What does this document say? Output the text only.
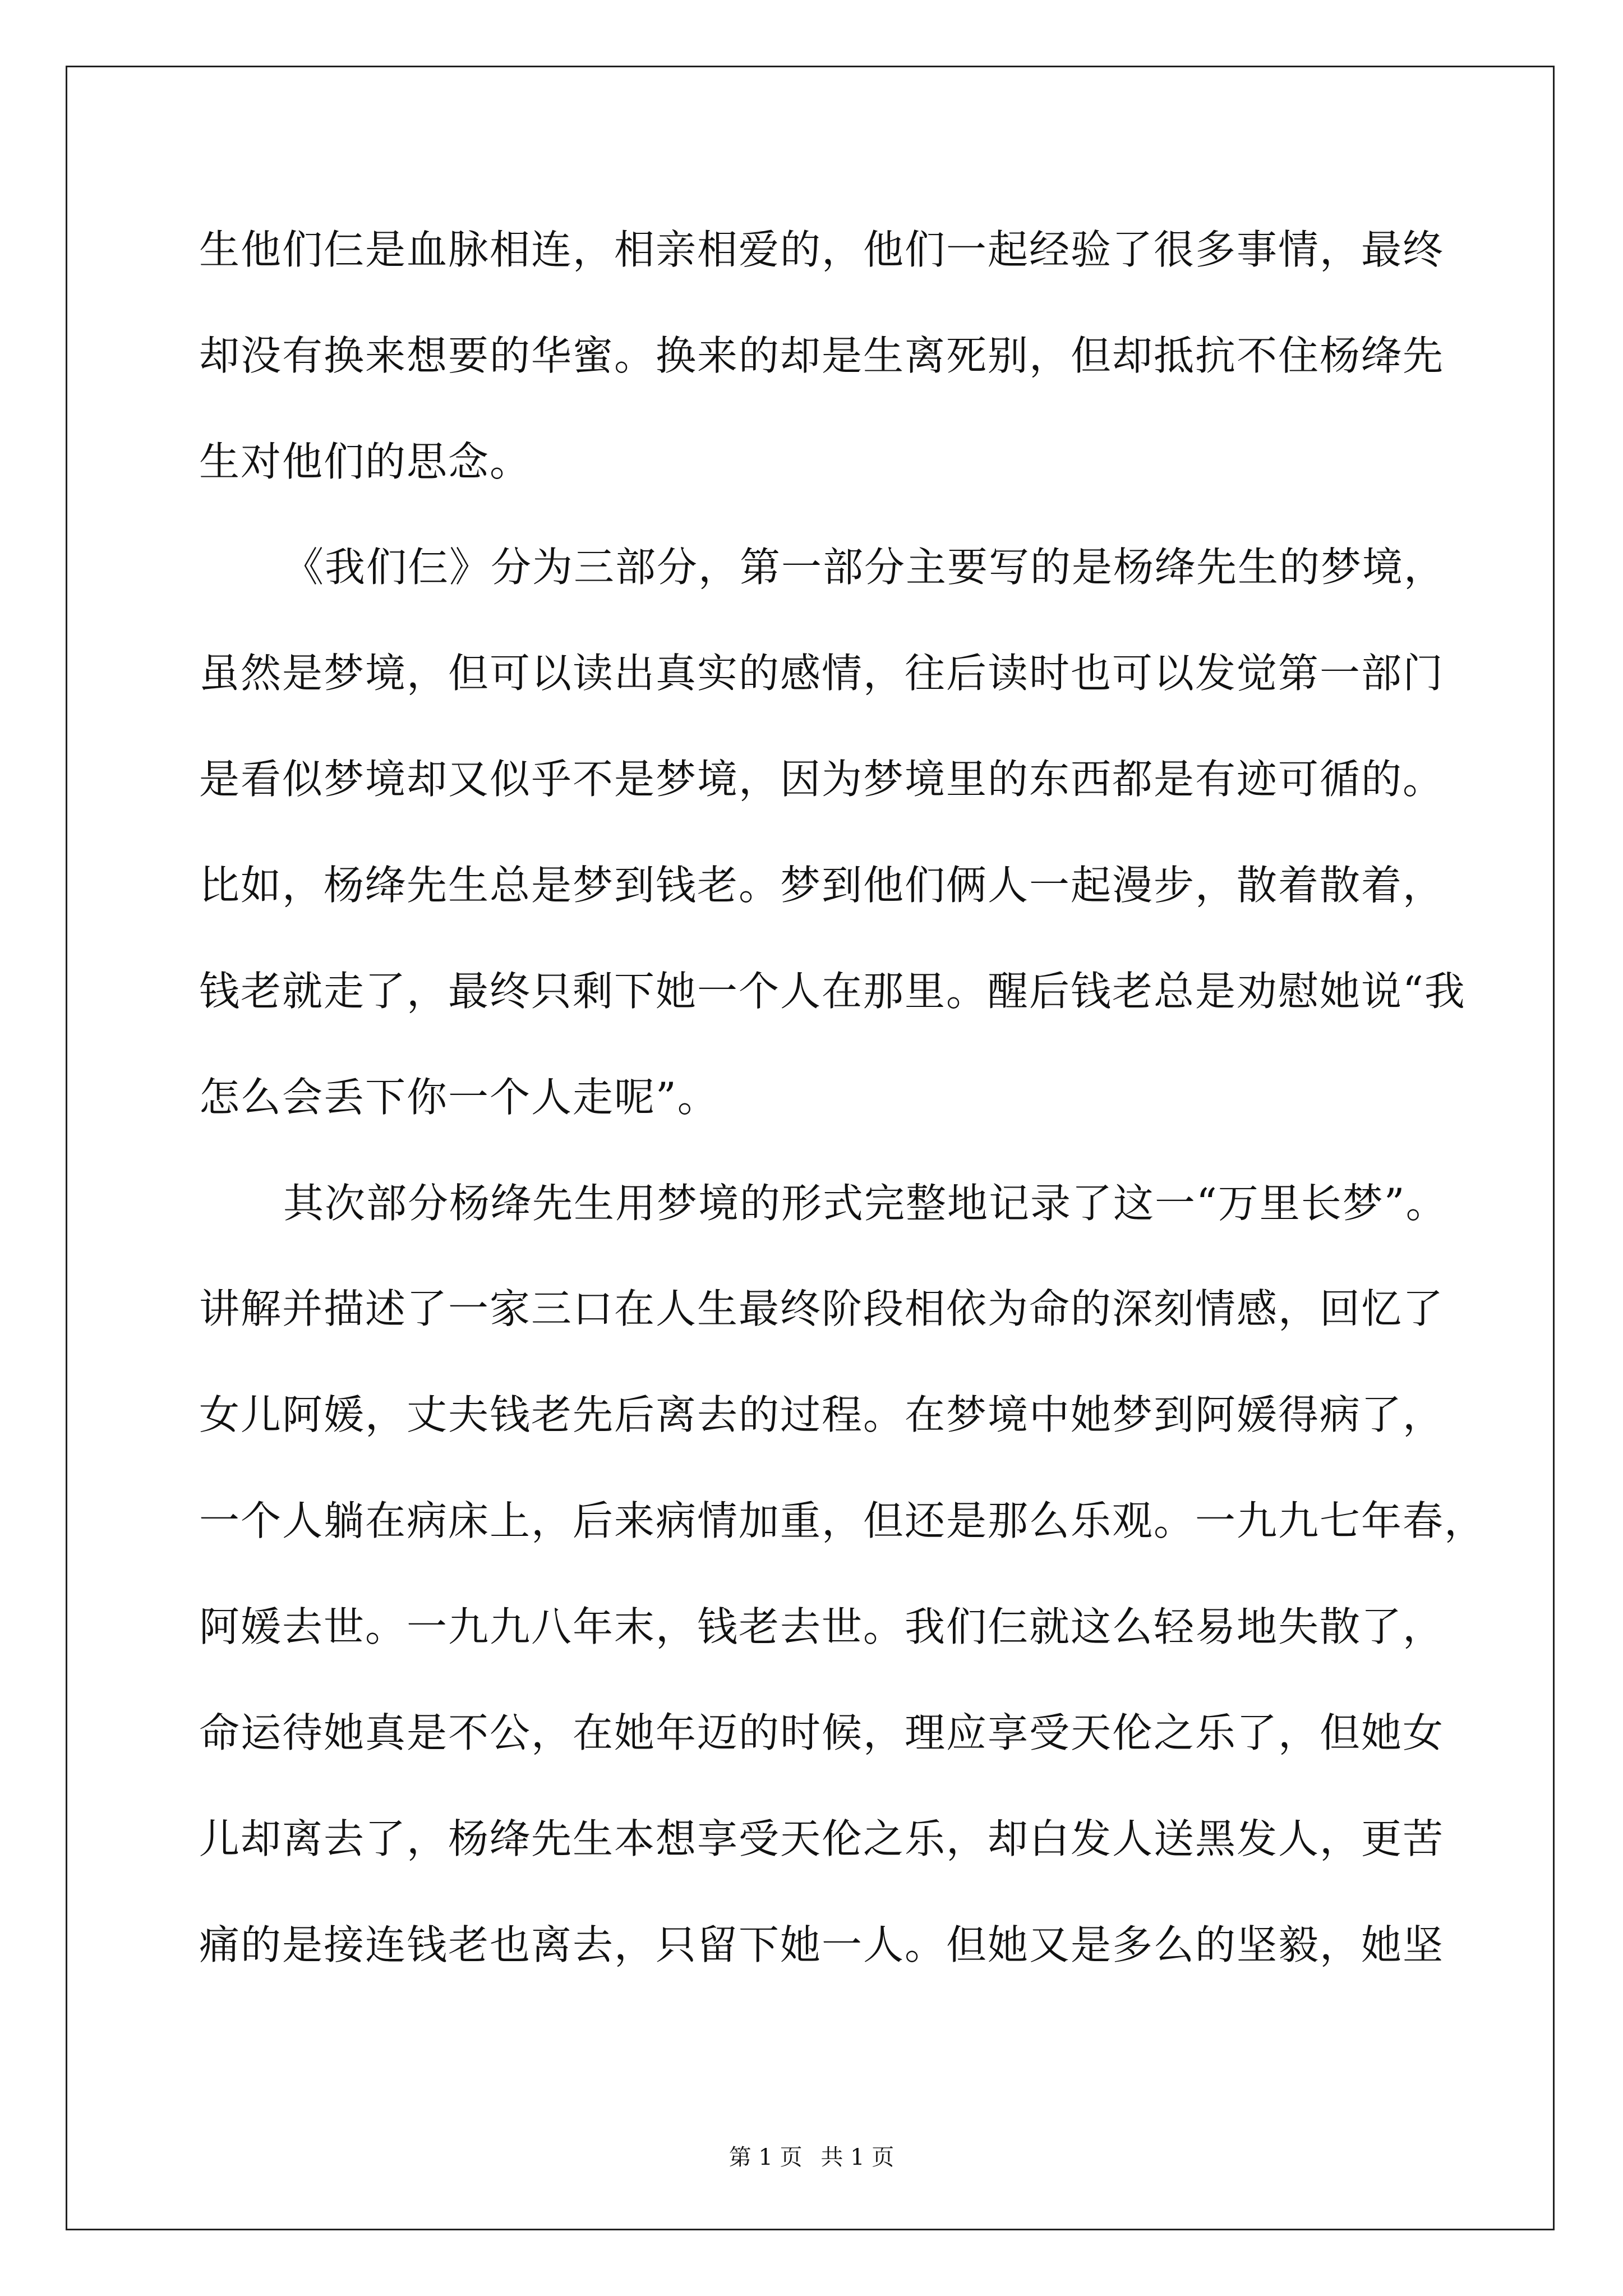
生他们仨是血脉相连，相亲相爱的，他们一起经验了很多事情，最终
却没有换来想要的华蜜。换来的却是生离死别，但却抵抗不住杨绛先
生对他们的思念。
《我们仨》分为三部分，第一部分主要写的是杨绛先生的梦境，
虽然是梦境，但可以读出真实的感情，往后读时也可以发觉第一部门
是看似梦境却又似乎不是梦境，因为梦境里的东西都是有迹可循的。
比如，杨绛先生总是梦到钱老。梦到他们俩人一起漫步，散着散着，
钱老就走了，最终只剩下她一个人在那里。醒后钱老总是劝慰她说“我
怎么会丢下你一个人走呢”。
其次部分杨绛先生用梦境的形式完整地记录了这一“万里长梦”。
讲解并描述了一家三口在人生最终阶段相依为命的深刻情感，回忆了
女儿阿媛，丈夫钱老先后离去的过程。在梦境中她梦到阿媛得病了，
一个人躺在病床上，后来病情加重，但还是那么乐观。一九九七年春，
阿媛去世。一九九八年末，钱老去世。我们仨就这么轻易地失散了，
命运待她真是不公，在她年迈的时候，理应享受天伦之乐了，但她女
儿却离去了，杨绛先生本想享受天伦之乐，却白发人送黑发人，更苦
痛的是接连钱老也离去，只留下她一人。但她又是多么的坚毅，她坚
第 1 页 共 1 页
